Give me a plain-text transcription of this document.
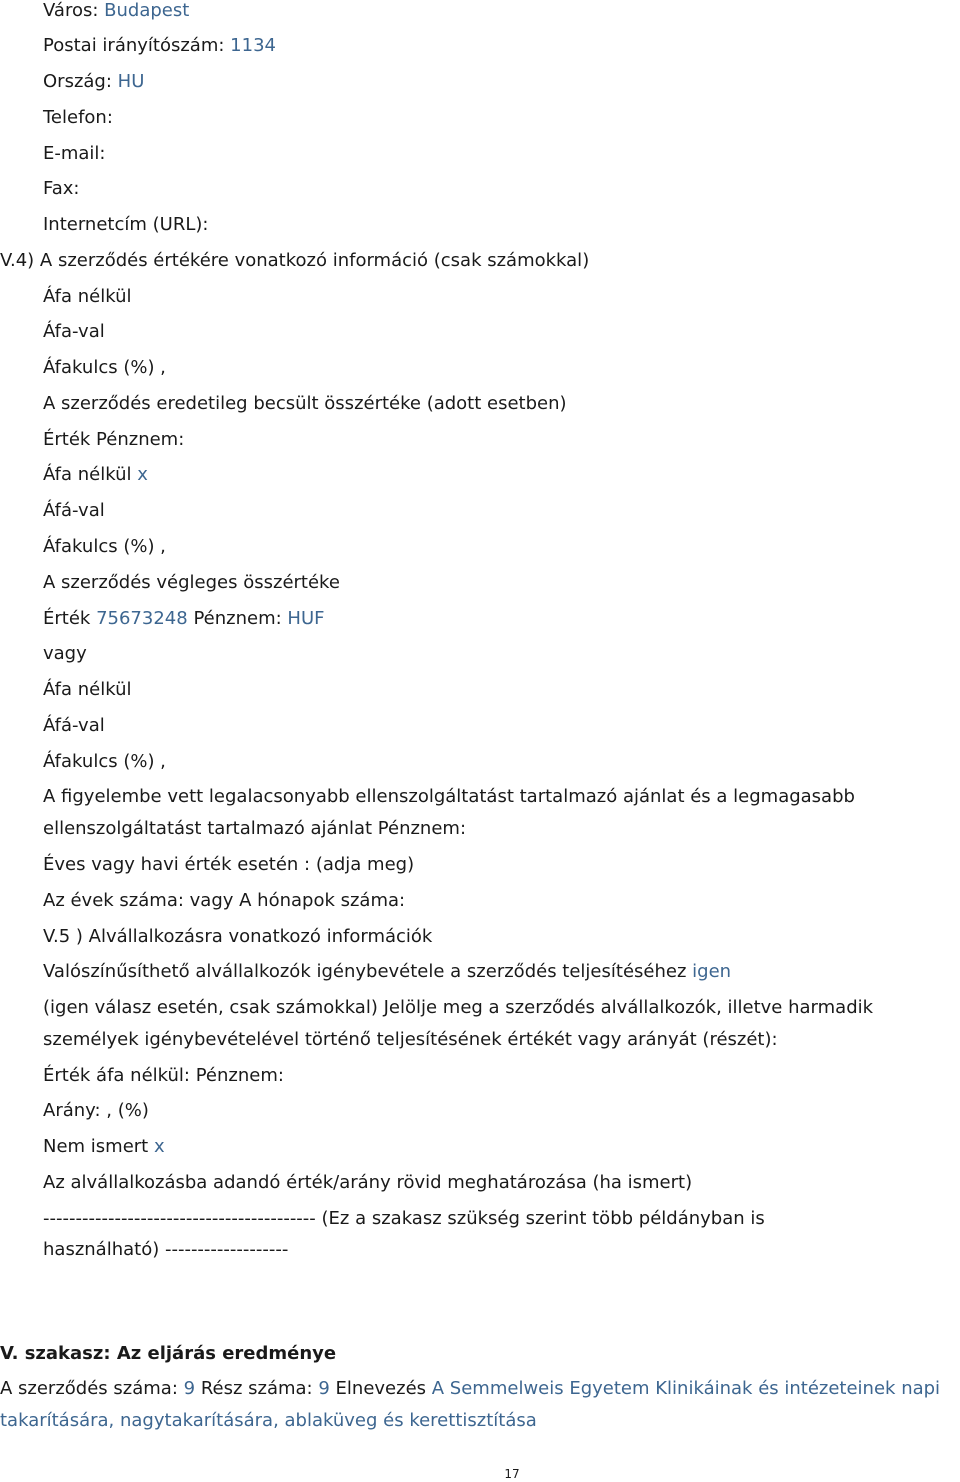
Város: Budapest

Postai irányítószám: 1134

Ország: HU

Telefon:

E-mail:

Fax:

Internetcím (URL):

V.4) A szerződés értékére vonatkozó információ (csak számokkal)

Áfa nélkül

Áfa-val

Áfakulcs (%) ,

A szerződés eredetileg becsült összértéke (adott esetben)

Érték Pénznem:

Áfa nélkül x

Áfá-val

Áfakulcs (%) ,

A szerződés végleges összértéke

Érték 75673248 Pénznem: HUF

vagy

Áfa nélkül

Áfá-val

Áfakulcs (%) ,

A figyelembe vett legalacsonyabb ellenszolgáltatást tartalmazó ajánlat és a legmagasabb

ellenszolgáltatást tartalmazó ajánlat Pénznem:

Éves vagy havi érték esetén : (adja meg)

Az évek száma: vagy A hónapok száma:

V.5 ) Alvállalkozásra vonatkozó információk

Valószínűsíthető alvállalkozók igénybevétele a szerződés teljesítéséhez igen

(igen válasz esetén, csak számokkal) Jelölje meg a szerződés alvállalkozók, illetve harmadik

személyek igénybevételével történő teljesítésének értékét vagy arányát (részét):

Érték áfa nélkül: Pénznem:

Arány: , (%)

Nem ismert x

Az alvállalkozásba adandó érték/arány rövid meghatározása (ha ismert)

------------------------------------------ (Ez a szakasz szükség szerint több példányban is

használható) -------------------

V. szakasz: Az eljárás eredménye

A szerződés száma: 9 Rész száma: 9 Elnevezés A Semmelweis Egyetem Klinikáinak és intézeteinek napi

takarítására, nagytakarítására, ablaküveg és kerettisztítása

17
